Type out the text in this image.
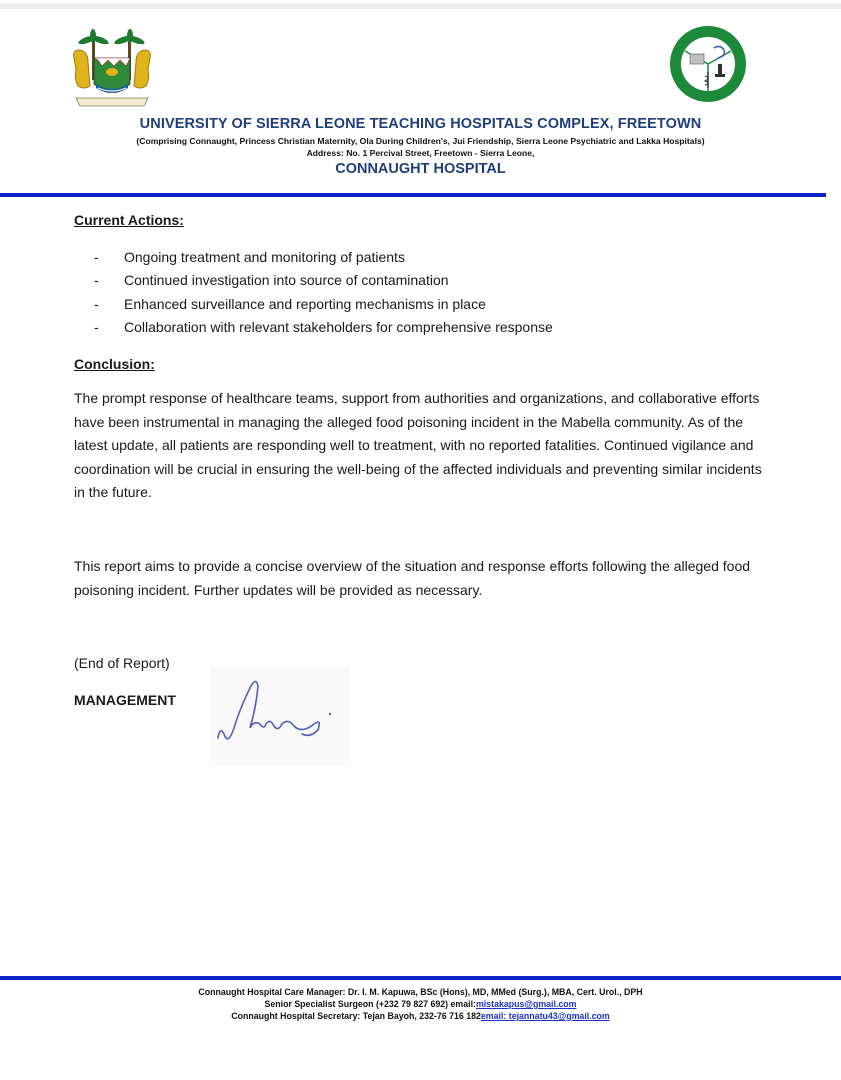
UNIVERSITY OF SIERRA LEONE TEACHING HOSPITALS COMPLEX, FREETOWN
(Comprising Connaught, Princess Christian Maternity, Ola During Children's, Jui Friendship, Sierra Leone Psychiatric and Lakka Hospitals)
Address: No. 1 Percival Street, Freetown - Sierra Leone,
CONNAUGHT HOSPITAL
Current Actions:
-	Ongoing treatment and monitoring of patients
-	Continued investigation into source of contamination
-	Enhanced surveillance and reporting mechanisms in place
-	Collaboration with relevant stakeholders for comprehensive response
Conclusion:

The prompt response of healthcare teams, support from authorities and organizations, and collaborative efforts have been instrumental in managing the alleged food poisoning incident in the Mabella community. As of the latest update, all patients are responding well to treatment, with no reported fatalities. Continued vigilance and coordination will be crucial in ensuring the well-being of the affected individuals and preventing similar incidents in the future.

This report aims to provide a concise overview of the situation and response efforts following the alleged food poisoning incident. Further updates will be provided as necessary.

(End of Report)
MANAGEMENT
Connaught Hospital Care Manager: Dr. I. M. Kapuwa, BSc (Hons), MD, MMed (Surg.), MBA, Cert. Urol., DPH
Senior Specialist Surgeon (+232 79 827 692) email:mistakapus@gmail.com
Connaught Hospital Secretary: Tejan Bayoh, 232-76 716 182email: tejannatu43@gmail.com
